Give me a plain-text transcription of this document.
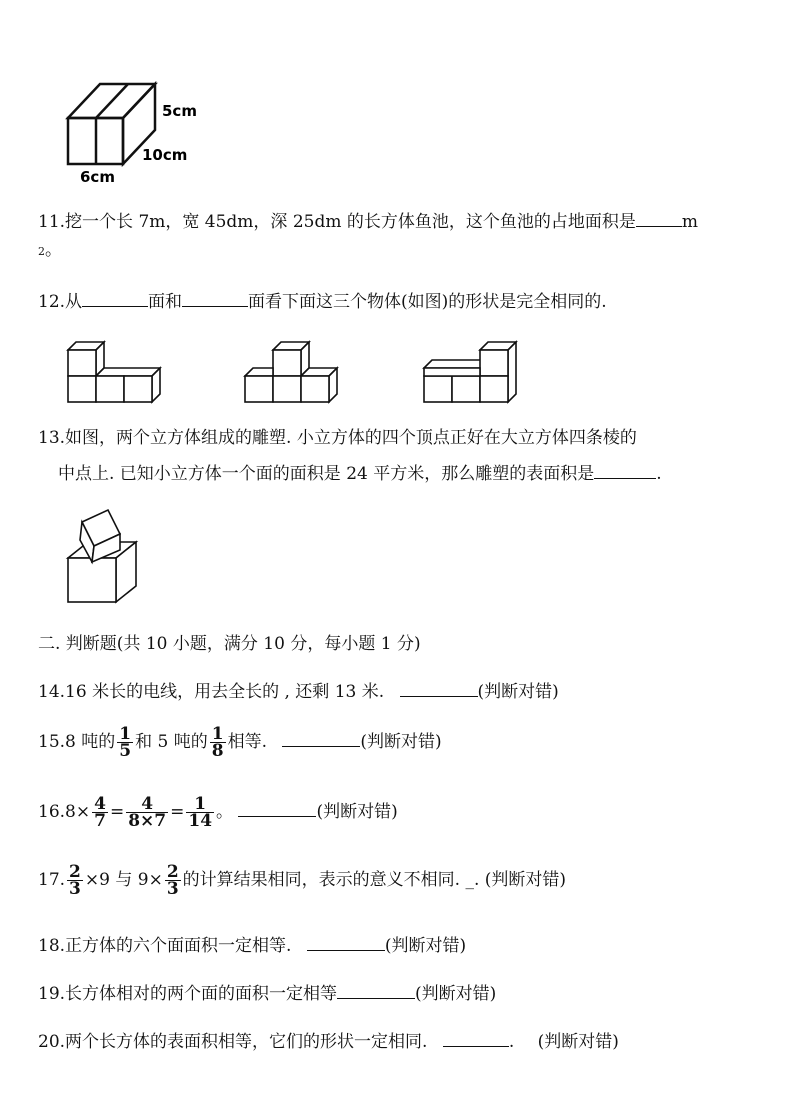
5cm
10cm
6cm
11.挖一个长 7m，宽 45dm，深 25dm 的长方体鱼池，这个鱼池的占地面积是	m
2。
12.从	面和	面看下面这三个物体(如图)的形状是完全相同的.
13.如图，两个立方体组成的雕塑. 小立方体的四个顶点正好在大立方体四条棱的
中点上. 已知小立方体一个面的面积是 24 平方米，那么雕塑的表面积是	.
二. 判断题(共 10 小题，满分 10 分，每小题 1 分)
14.16 米长的电线，用去全长的 , 还剩 13 米.	(判断对错)
15.8 吨的 $\frac{1}{5}$ 和 5 吨的 $\frac{1}{8}$ 相等.	(判断对错)
$16.8\times \frac{4}{7} = \frac{4}{8\times 7} = \frac{1}{14}$ 。	(判断对错)
17. $\frac{2}{3} \times 9$ 与 $9\times \frac{2}{3}$ 的计算结果相同，表示的意义不相同. _. (判断对错)
18.正方体的六个面面积一定相等.	(判断对错)
19.长方体相对的两个面的面积一定相等	(判断对错)
20.两个长方体的表面积相等，它们的形状一定相同.	. (判断对错)
